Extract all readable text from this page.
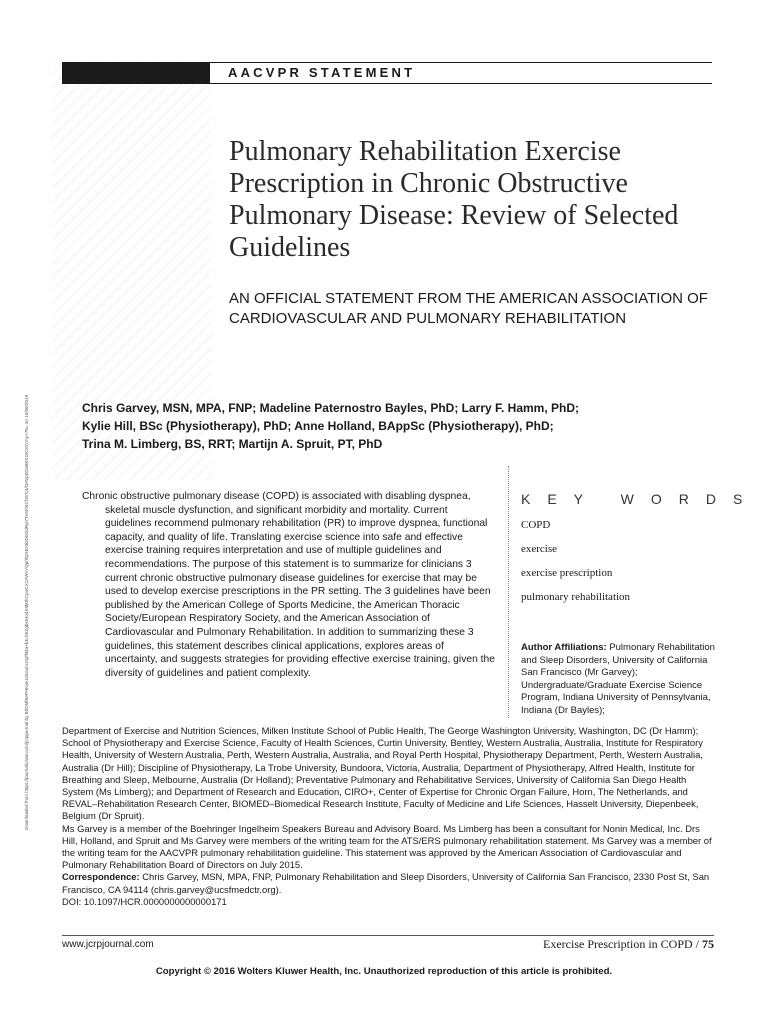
Downloaded from https://journals.lww.com/jcrpjournal by BhDMf5ePHKav1zEoum1tQfN4a+kJLhEZgbsIHo4XMi0hCywCX1AWnYQp/IlQrHD3i3D0OdRyi7TvSFl4Cf3VC4/OAVpDDa8KKGKV0Ymy+78= on 10/06/2019
AACVPR STATEMENT
Pulmonary Rehabilitation Exercise Prescription in Chronic Obstructive Pulmonary Disease: Review of Selected Guidelines
AN OFFICIAL STATEMENT FROM THE AMERICAN ASSOCIATION OF CARDIOVASCULAR AND PULMONARY REHABILITATION
Chris Garvey, MSN, MPA, FNP; Madeline Paternostro Bayles, PhD; Larry F. Hamm, PhD;
Kylie Hill, BSc (Physiotherapy), PhD; Anne Holland, BAppSc (Physiotherapy), PhD;
Trina M. Limberg, BS, RRT; Martijn A. Spruit, PT, PhD
Chronic obstructive pulmonary disease (COPD) is associated with disabling dyspnea, skeletal muscle dysfunction, and significant morbidity and mortality. Current guidelines recommend pulmonary rehabilitation (PR) to improve dyspnea, functional capacity, and quality of life. Translating exercise science into safe and effective exercise training requires interpretation and use of multiple guidelines and recommendations. The purpose of this statement is to summarize for clinicians 3 current chronic obstructive pulmonary disease guidelines for exercise that may be used to develop exercise prescriptions in the PR setting. The 3 guidelines have been published by the American College of Sports Medicine, the American Thoracic Society/European Respiratory Society, and the American Association of Cardiovascular and Pulmonary Rehabilitation. In addition to summarizing these 3 guidelines, this statement describes clinical applications, explores areas of uncertainty, and suggests strategies for providing effective exercise training, given the diversity of guidelines and patient complexity.
KEY WORDS
COPD
exercise
exercise prescription
pulmonary rehabilitation
Author Affiliations: Pulmonary Rehabilitation and Sleep Disorders, University of California San Francisco (Mr Garvey); Undergraduate/Graduate Exercise Science Program, Indiana University of Pennsylvania, Indiana (Dr Bayles);

Department of Exercise and Nutrition Sciences, Milken Institute School of Public Health, The George Washington University, Washington, DC (Dr Hamm); School of Physiotherapy and Exercise Science, Faculty of Health Sciences, Curtin University, Bentley, Western Australia, Australia, Institute for Respiratory Health, University of Western Australia, Perth, Western Australia, Australia, and Royal Perth Hospital, Physiotherapy Department, Perth, Western Australia, Australia (Dr Hill); Discipline of Physiotherapy, La Trobe University, Bundoora, Victoria, Australia, Department of Physiotherapy, Alfred Health, Institute for Breathing and Sleep, Melbourne, Australia (Dr Holland); Preventative Pulmonary and Rehabilitative Services, University of California San Diego Health System (Ms Limberg); and Department of Research and Education, CIRO+, Center of Expertise for Chronic Organ Failure, Horn, The Netherlands, and REVAL–Rehabilitation Research Center, BIOMED–Biomedical Research Institute, Faculty of Medicine and Life Sciences, Hasselt University, Diepenbeek, Belgium (Dr Spruit).

Ms Garvey is a member of the Boehringer Ingelheim Speakers Bureau and Advisory Board. Ms Limberg has been a consultant for Nonin Medical, Inc. Drs Hill, Holland, and Spruit and Ms Garvey were members of the writing team for the ATS/ERS pulmonary rehabilitation statement. Ms Garvey was a member of the writing team for the AACVPR pulmonary rehabilitation guideline. This statement was approved by the American Association of Cardiovascular and Pulmonary Rehabilitation Board of Directors on July 2015.

Correspondence: Chris Garvey, MSN, MPA, FNP, Pulmonary Rehabilitation and Sleep Disorders, University of California San Francisco, 2330 Post St, San Francisco, CA 94114 (chris.garvey@ucsfmedctr.org).

DOI: 10.1097/HCR.0000000000000171

www.jcrpjournal.com	Exercise Prescription in COPD / 75
Copyright © 2016 Wolters Kluwer Health, Inc. Unauthorized reproduction of this article is prohibited.
